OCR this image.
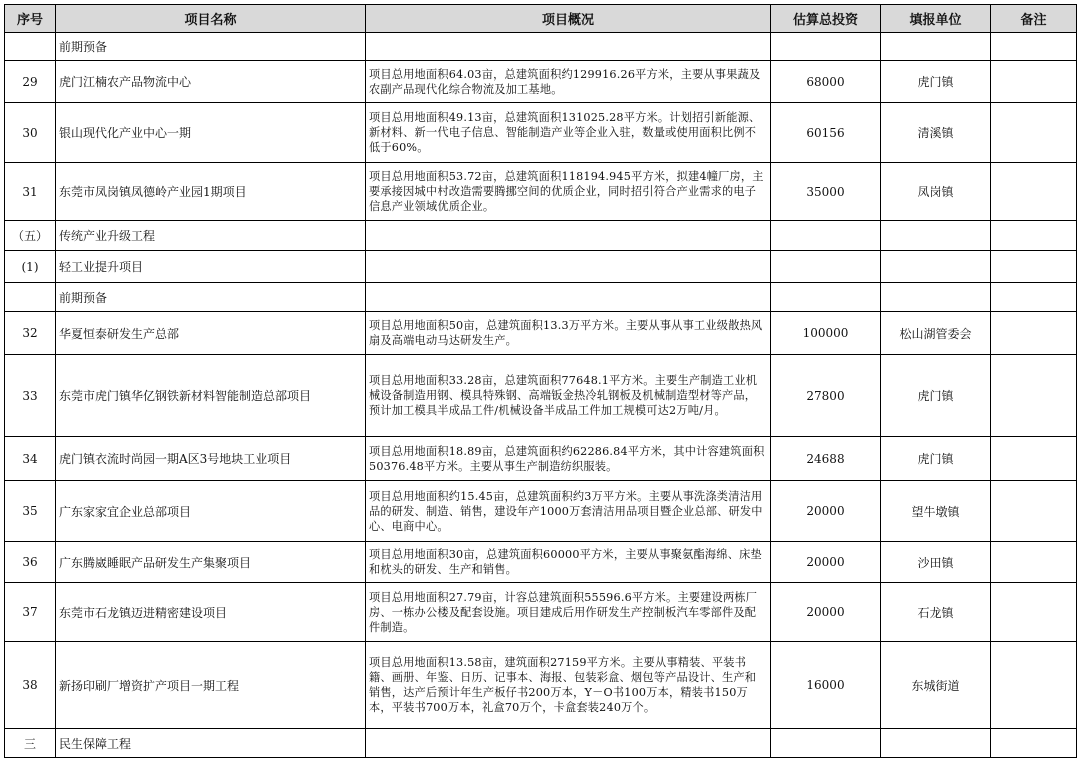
序号	项目名称	项目概况	估算总投资	填报单位	备注
	前期预备				
29	虎门江楠农产品物流中心	项目总用地面积64.03亩，总建筑面积约129916.26平方米，主要从事果蔬及农副产品现代化综合物流及加工基地。	68000	虎门镇	
30	银山现代化产业中心一期	项目总用地面积49.13亩，总建筑面积131025.28平方米。计划招引新能源、新材料、新一代电子信息、智能制造产业等企业入驻，数量或使用面积比例不低于60%。	60156	清溪镇	
31	东莞市凤岗镇凤德岭产业园1期项目	项目总用地面积53.72亩，总建筑面积118194.945平方米，拟建4幢厂房，主要承接因城中村改造需要腾挪空间的优质企业，同时招引符合产业需求的电子信息产业领域优质企业。	35000	凤岗镇	
（五）	传统产业升级工程				
(1)	轻工业提升项目				
	前期预备				
32	华夏恒泰研发生产总部	项目总用地面积50亩，总建筑面积13.3万平方米。主要从事从事工业级散热风扇及高端电动马达研发生产。	100000	松山湖管委会	
33	东莞市虎门镇华亿钢铁新材料智能制造总部项目	项目总用地面积33.28亩，总建筑面积77648.1平方米。主要生产制造工业机械设备制造用钢、模具特殊钢、高端钣金热冷轧钢板及机械制造型材等产品，预计加工模具半成品工件/机械设备半成品工件加工规模可达2万吨/月。	27800	虎门镇	
34	虎门镇衣流时尚园一期A区3号地块工业项目	项目总用地面积18.89亩，总建筑面积约62286.84平方米，其中计容建筑面积50376.48平方米。主要从事生产制造纺织服装。	24688	虎门镇	
35	广东家家宜企业总部项目	项目总用地面积约15.45亩，总建筑面积约3万平方米。主要从事洗涤类清洁用品的研发、制造、销售，建设年产1000万套清洁用品项目暨企业总部、研发中心、电商中心。	20000	望牛墩镇	
36	广东腾崴睡眠产品研发生产集聚项目	项目总用地面积30亩，总建筑面积60000平方米，主要从事聚氨酯海绵、床垫和枕头的研发、生产和销售。	20000	沙田镇	
37	东莞市石龙镇迈进精密建设项目	项目总用地面积27.79亩，计容总建筑面积55596.6平方米。主要建设两栋厂房、一栋办公楼及配套设施。项目建成后用作研发生产控制板汽车零部件及配件制造。	20000	石龙镇	
38	新扬印刷厂增资扩产项目一期工程	项目总用地面积13.58亩，建筑面积27159平方米。主要从事精装、平装书籍、画册、年鉴、日历、记事本、海报、包装彩盒、烟包等产品设计、生产和销售，达产后预计年生产板仔书200万本，Y－O书100万本，精装书150万本，平装书700万本，礼盒70万个，卡盒套装240万个。	16000	东城街道	
三	民生保障工程				
